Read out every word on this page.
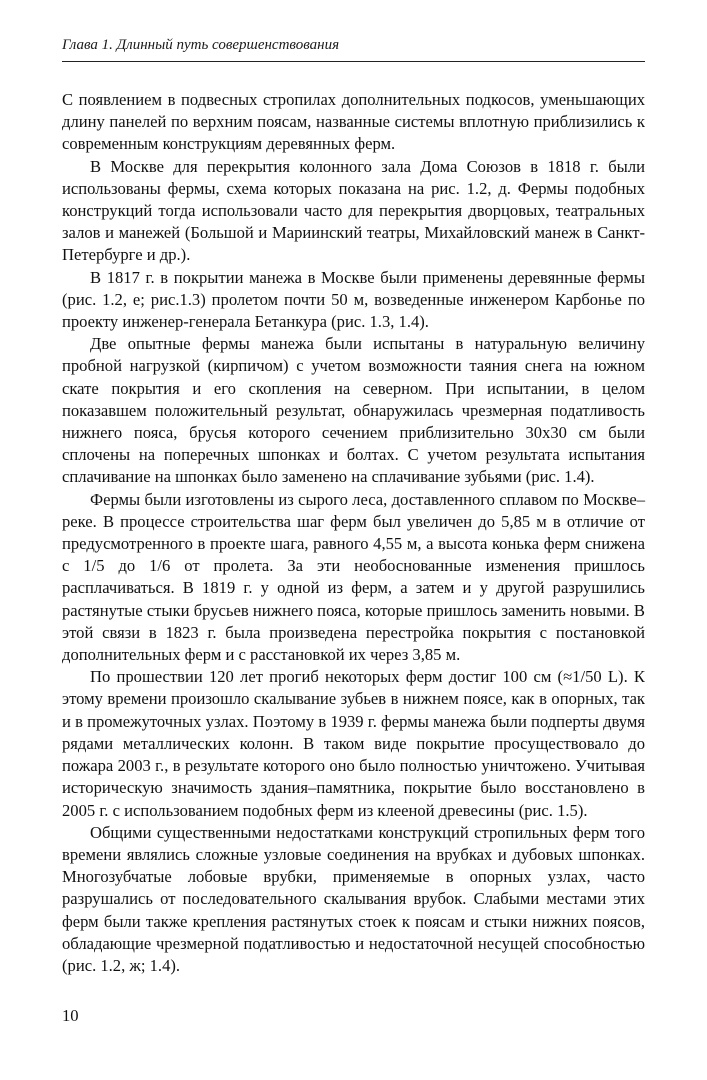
Глава 1. Длинный путь совершенствования

С появлением в подвесных стропилах дополнительных подкосов, уменьшающих длину панелей по верхним поясам, названные системы вплотную приблизились к современным конструкциям деревянных ферм.

В Москве для перекрытия колонного зала Дома Союзов в 1818 г. были использованы фермы, схема которых показана на рис. 1.2, д. Фермы подобных конструкций тогда использовали часто для перекрытия дворцовых, театральных залов и манежей (Большой и Мариинский театры, Михайловский манеж в Санкт-Петербурге и др.).

В 1817 г. в покрытии манежа в Москве были применены деревянные фермы (рис. 1.2, е; рис.1.3) пролетом почти 50 м, возведенные инженером Карбонье по проекту инженер-генерала Бетанкура (рис. 1.3, 1.4).

Две опытные фермы манежа были испытаны в натуральную величину пробной нагрузкой (кирпичом) с учетом возможности таяния снега на южном скате покрытия и его скопления на северном. При испытании, в целом показавшем положительный результат, обнаружилась чрезмерная податливость нижнего пояса, брусья которого сечением приблизительно 30х30 см были сплочены на поперечных шпонках и болтах. С учетом результата испытания сплачивание на шпонках было заменено на сплачивание зубьями (рис. 1.4).

Фермы были изготовлены из сырого леса, доставленного сплавом по Москве–реке. В процессе строительства шаг ферм был увеличен до 5,85 м в отличие от предусмотренного в проекте шага, равного 4,55 м, а высота конька ферм снижена с 1/5 до 1/6 от пролета. За эти необоснованные изменения пришлось расплачиваться. В 1819 г. у одной из ферм, а затем и у другой разрушились растянутые стыки брусьев нижнего пояса, которые пришлось заменить новыми. В этой связи в 1823 г. была произведена перестройка покрытия с постановкой дополнительных ферм и с расстановкой их через 3,85 м.

По прошествии 120 лет прогиб некоторых ферм достиг 100 см (≈1/50 L). К этому времени произошло скалывание зубьев в нижнем поясе, как в опорных, так и в промежуточных узлах. Поэтому в 1939 г. фермы манежа были подперты двумя рядами металлических колонн. В таком виде покрытие просуществовало до пожара 2003 г., в результате которого оно было полностью уничтожено. Учитывая историческую значимость здания–памятника, покрытие было восстановлено в 2005 г. с использованием подобных ферм из клееной древесины (рис. 1.5).

Общими существенными недостатками конструкций стропильных ферм того времени являлись сложные узловые соединения на врубках и дубовых шпонках. Многозубчатые лобовые врубки, применяемые в опорных узлах, часто разрушались от последовательного скалывания врубок. Слабыми местами этих ферм были также крепления растянутых стоек к поясам и стыки нижних поясов, обладающие чрезмерной податливостью и недостаточной несущей способностью (рис. 1.2, ж; 1.4).

10
